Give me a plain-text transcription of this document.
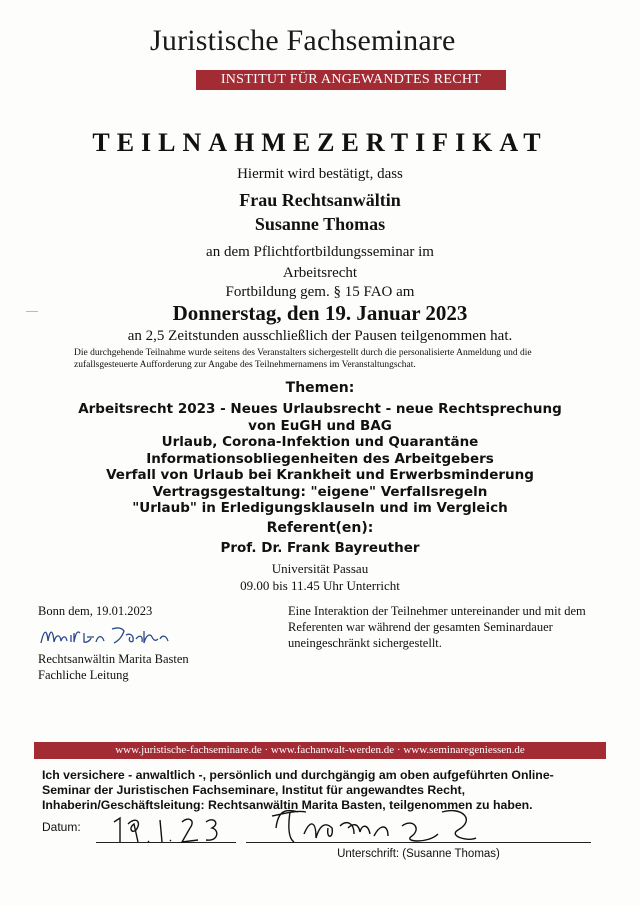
Juristische Fachseminare
INSTITUT FÜR ANGEWANDTES RECHT
TEILNAHMEZERTIFIKAT
Hiermit wird bestätigt, dass
Frau Rechtsanwältin
Susanne Thomas
an dem Pflichtfortbildungsseminar im
Arbeitsrecht
Fortbildung gem. § 15 FAO am
Donnerstag, den 19. Januar 2023
an 2,5 Zeitstunden ausschließlich der Pausen teilgenommen hat.
Die durchgehende Teilnahme wurde seitens des Veranstalters sichergestellt durch die personalisierte Anmeldung und die zufallsgesteuerte Aufforderung zur Angabe des Teilnehmernamens im Veranstaltungschat.
Themen:
Arbeitsrecht 2023 - Neues Urlaubsrecht - neue Rechtsprechung
von EuGH und BAG
Urlaub, Corona-Infektion und Quarantäne
Informationsobliegenheiten des Arbeitgebers
Verfall von Urlaub bei Krankheit und Erwerbsminderung
Vertragsgestaltung: "eigene" Verfallsregeln
"Urlaub" in Erledigungsklauseln und im Vergleich
Referent(en):
Prof. Dr. Frank Bayreuther
Universität Passau
09.00 bis 11.45 Uhr Unterricht
Bonn dem, 19.01.2023
Rechtsanwältin Marita Basten
Fachliche Leitung
Eine Interaktion der Teilnehmer untereinander und mit dem Referenten war während der gesamten Seminardauer uneingeschränkt sichergestellt.
www.juristische-fachseminare.de · www.fachanwalt-werden.de · www.seminaregeniessen.de
Ich versichere - anwaltlich -, persönlich und durchgängig am oben aufgeführten Online-Seminar der Juristischen Fachseminare, Institut für angewandtes Recht, Inhaberin/Geschäftsleitung: Rechtsanwältin Marita Basten, teilgenommen zu haben.
Datum:
Unterschrift: (Susanne Thomas)
